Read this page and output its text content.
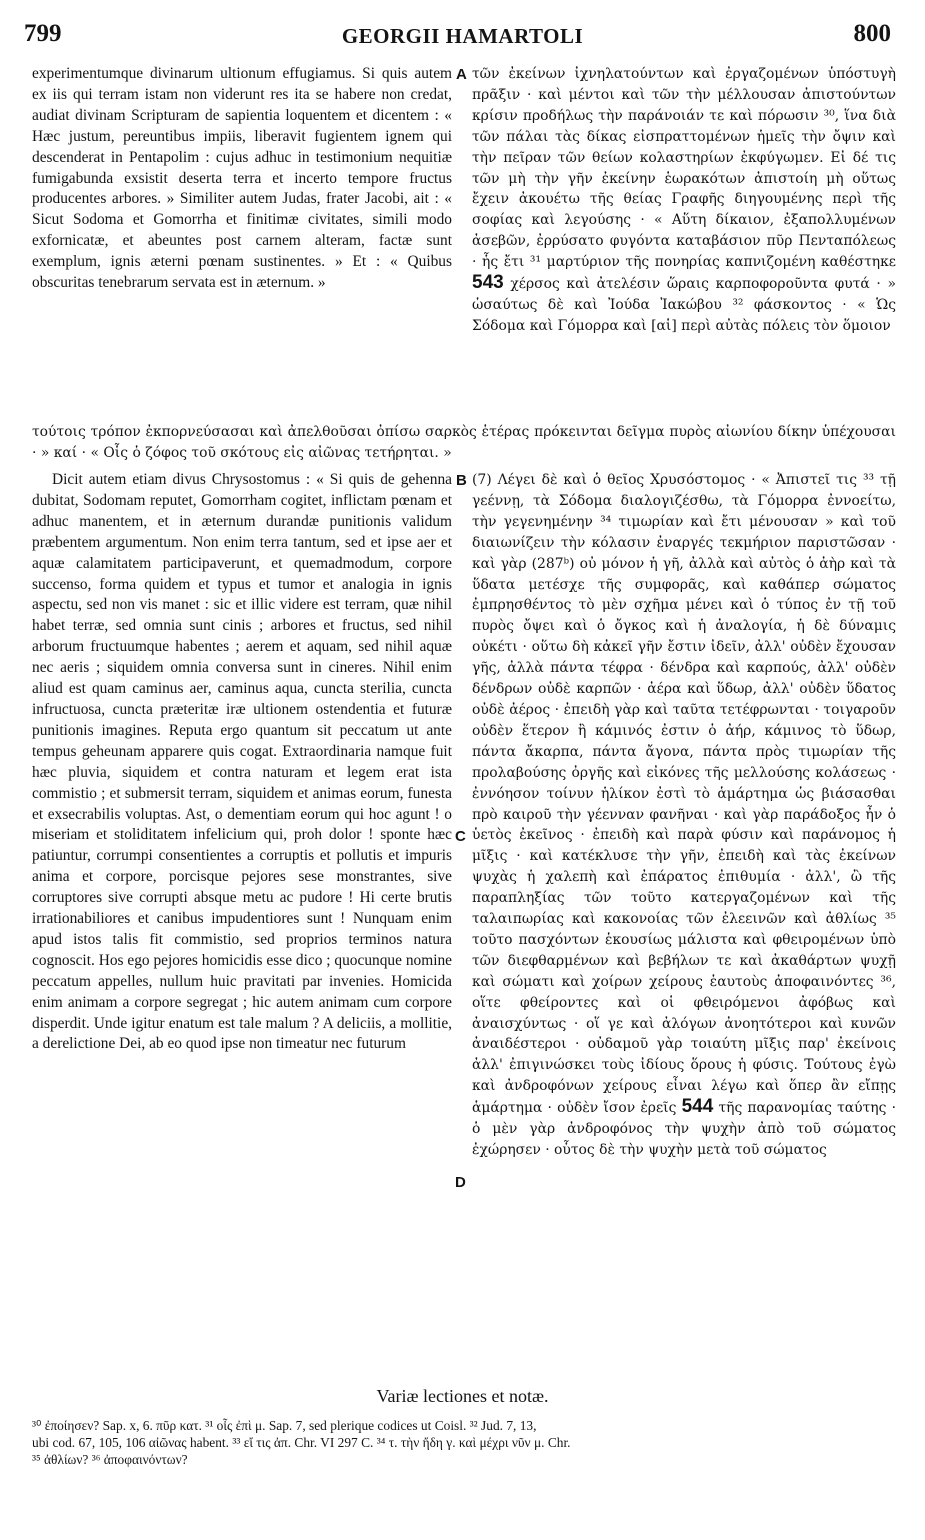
799	GEORGII HAMARTOLI	800
A
B
C
D

experimentumque divinarum ultionum effugiamus. Si quis autem ex iis qui terram istam non viderunt res ita se habere non credat, audiat divinam Scripturam de sapientia loquentem et dicentem : « Hæc justum, pereuntibus impiis, liberavit fugientem ignem qui descenderat in Pentapolim : cujus adhuc in testimonium nequitiæ fumigabunda exsistit deserta terra et incerto tempore fructus producentes arbores. » Similiter autem Judas, frater Jacobi, ait : « Sicut Sodoma et Gomorrha et finitimæ civitates, simili modo exfornicatæ, et abeuntes post carnem alteram, factæ sunt exemplum, ignis æterni pœnam sustinentes. » Et : « Quibus obscuritas tenebrarum servata est in æternum. »

τῶν ἐκείνων ἰχνηλατούντων καὶ ἐργαζομένων ὑπόστυγὴ πρᾶξιν · καὶ μέντοι καὶ τῶν τὴν μέλλουσαν ἀπιστούντων κρίσιν προδήλως τὴν παράνοιάν τε καὶ πόρωσιν ³⁰, ἵνα διὰ τῶν πάλαι τὰς δίκας εἰσπραττομένων ἡμεῖς τὴν ὄψιν καὶ τὴν πεῖραν τῶν θείων κολαστηρίων ἐκφύγωμεν. Εἰ δέ τις τῶν μὴ τὴν γῆν ἐκείνην ἑωρακότων ἀπιστοίη μὴ οὕτως ἔχειν ἀκουέτω τῆς θείας Γραφῆς διηγουμένης περὶ τῆς σοφίας καὶ λεγούσης · « Αὕτη δίκαιον, ἐξαπολλυμένων ἀσεβῶν, ἐρρύσατο φυγόντα καταβάσιον πῦρ Πενταπόλεως · ἧς ἔτι ³¹ μαρτύριον τῆς πονηρίας καπνιζομένη καθέστηκε 543 χέρσος καὶ ἀτελέσιν ὥραις καρποφοροῦντα φυτά · » ὡσαύτως δὲ καὶ Ἰούδα Ἰακώβου ³² φάσκοντος · « Ὡς Σόδομα καὶ Γόμορρα καὶ [αἱ] περὶ αὐτὰς πόλεις τὸν ὅμοιον

τούτοις τρόπον ἐκπορνεύσασαι καὶ ἀπελθοῦσαι ὀπίσω σαρκὸς ἑτέρας πρόκεινται δεῖγμα πυρὸς αἰωνίου δίκην ὑπέχουσαι · » καί · « Οἷς ὁ ζόφος τοῦ σκότους εἰς αἰῶνας τετήρηται. »

Dicit autem etiam divus Chrysostomus : « Si quis de gehenna dubitat, Sodomam reputet, Gomorrham cogitet, inflictam pœnam et adhuc manentem, et in æternum durandæ punitionis validum præbentem argumentum. Non enim terra tantum, sed et ipse aer et aquæ calamitatem participaverunt, et quemadmodum, corpore succenso, forma quidem et typus et tumor et analogia in ignis aspectu, sed non vis manet : sic et illic videre est terram, quæ nihil habet terræ, sed omnia sunt cinis ; arbores et fructus, sed nihil arborum fructuumque habentes ; aerem et aquam, sed nihil aquæ nec aeris ; siquidem omnia conversa sunt in cineres. Nihil enim aliud est quam caminus aer, caminus aqua, cuncta sterilia, cuncta infructuosa, cuncta præteritæ iræ ultionem ostendentia et futuræ punitionis imagines. Reputa ergo quantum sit peccatum ut ante tempus geheunam apparere quis cogat. Extraordinaria namque fuit hæc pluvia, siquidem et contra naturam et legem erat ista commistio ; et submersit terram, siquidem et animas eorum, funesta et exsecrabilis voluptas. Ast, o dementiam eorum qui hoc agunt ! o miseriam et stoliditatem infelicium qui, proh dolor ! sponte hæc patiuntur, corrumpi consentientes a corruptis et pollutis et impuris anima et corpore, porcisque pejores sese monstrantes, sive corruptores sive corrupti absque metu ac pudore ! Hi certe brutis irrationabiliores et canibus impudentiores sunt ! Nunquam enim apud istos talis fit commistio, sed proprios terminos natura cognoscit. Hos ego pejores homicidis esse dico ; quocunque nomine peccatum appelles, nullum huic pravitati par invenies. Homicida enim animam a corpore segregat ; hic autem animam cum corpore disperdit. Unde igitur enatum est tale malum ? A deliciis, a mollitie, a derelictione Dei, ab eo quod ipse non timeatur nec futurum

(7) Λέγει δὲ καὶ ὁ θεῖος Χρυσόστομος · « Ἀπιστεῖ τις ³³ τῇ γεέννῃ, τὰ Σόδομα διαλογιζέσθω, τὰ Γόμορρα ἐννοείτω, τὴν γεγενημένην ³⁴ τιμωρίαν καὶ ἔτι μένουσαν » καὶ τοῦ διαιωνίζειν τὴν κόλασιν ἐναργές τεκμήριον παριστῶσαν · καὶ γὰρ (287ᵇ) οὐ μόνον ἡ γῆ, ἀλλὰ καὶ αὐτὸς ὁ ἀὴρ καὶ τὰ ὕδατα μετέσχε τῆς συμφορᾶς, καὶ καθάπερ σώματος ἐμπρησθέντος τὸ μὲν σχῆμα μένει καὶ ὁ τύπος ἐν τῇ τοῦ πυρὸς ὄψει καὶ ὁ ὄγκος καὶ ἡ ἀναλογία, ἡ δὲ δύναμις οὐκέτι · οὕτω δὴ κἀκεῖ γῆν ἔστιν ἰδεῖν, ἀλλ' οὐδὲν ἔχουσαν γῆς, ἀλλὰ πάντα τέφρα · δένδρα καὶ καρπούς, ἀλλ' οὐδὲν δένδρων οὐδὲ καρπῶν · ἀέρα καὶ ὕδωρ, ἀλλ' οὐδὲν ὕδατος οὐδὲ ἀέρος · ἐπειδὴ γὰρ καὶ ταῦτα τετέφρωνται · τοιγαροῦν οὐδὲν ἕτερον ἢ κάμινός ἐστιν ὁ ἀήρ, κάμινος τὸ ὕδωρ, πάντα ἄκαρπα, πάντα ἄγονα, πάντα πρὸς τιμωρίαν τῆς προλαβούσης ὀργῆς καὶ εἰκόνες τῆς μελλούσης κολάσεως · ἐννόησον τοίνυν ἡλίκον ἐστὶ τὸ ἁμάρτημα ὡς βιάσασθαι πρὸ καιροῦ τὴν γέενναν φανῆναι · καὶ γὰρ παράδοξος ἦν ὁ ὑετὸς ἐκεῖνος · ἐπειδὴ καὶ παρὰ φύσιν καὶ παράνομος ἡ μῖξις · καὶ κατέκλυσε τὴν γῆν, ἐπειδὴ καὶ τὰς ἐκείνων ψυχὰς ἡ χαλεπὴ καὶ ἐπάρατος ἐπιθυμία · ἀλλ', ὢ τῆς παραπληξίας τῶν τοῦτο κατεργαζομένων καὶ τῆς ταλαιπωρίας καὶ κακονοίας τῶν ἐλεεινῶν καὶ ἀθλίως ³⁵ τοῦτο πασχόντων ἑκουσίως μάλιστα καὶ φθειρομένων ὑπὸ τῶν διεφθαρμένων καὶ βεβήλων τε καὶ ἀκαθάρτων ψυχῇ καὶ σώματι καὶ χοίρων χείρους ἑαυτοὺς ἀποφαινόντες ³⁶, οἵτε φθείροντες καὶ οἱ φθειρόμενοι ἀφόβως καὶ ἀναισχύντως · οἵ γε καὶ ἀλόγων ἀνοητότεροι καὶ κυνῶν ἀναιδέστεροι · οὐδαμοῦ γὰρ τοιαύτη μῖξις παρ' ἐκείνοις ἀλλ' ἐπιγινώσκει τοὺς ἰδίους ὅρους ἡ φύσις. Τούτους ἐγὼ καὶ ἀνδροφόνων χείρους εἶναι λέγω καὶ ὅπερ ἂν εἴπῃς ἁμάρτημα · οὐδὲν ἴσον ἐρεῖς 544 τῆς παρανομίας ταύτης · ὁ μὲν γὰρ ἀνδροφόνος τὴν ψυχὴν ἀπὸ τοῦ σώματος ἐχώρησεν · οὗτος δὲ τὴν ψυχὴν μετὰ τοῦ σώματος

Variæ lectiones et notæ.

³⁰ ἐποίησεν? Sap. x, 6. πῦρ κατ. ³¹ οἷς ἐπὶ μ. Sap. 7, sed plerique codices ut Coisl. ³² Jud. 7, 13,

ubi cod. 67, 105, 106 αἰῶνας habent. ³³ εἴ τις ἀπ. Chr. VI 297 C. ³⁴ τ. τὴν ἤδη γ. καὶ μέχρι νῦν μ. Chr.

³⁵ ἀθλίων? ³⁶ ἀποφαινόντων?
